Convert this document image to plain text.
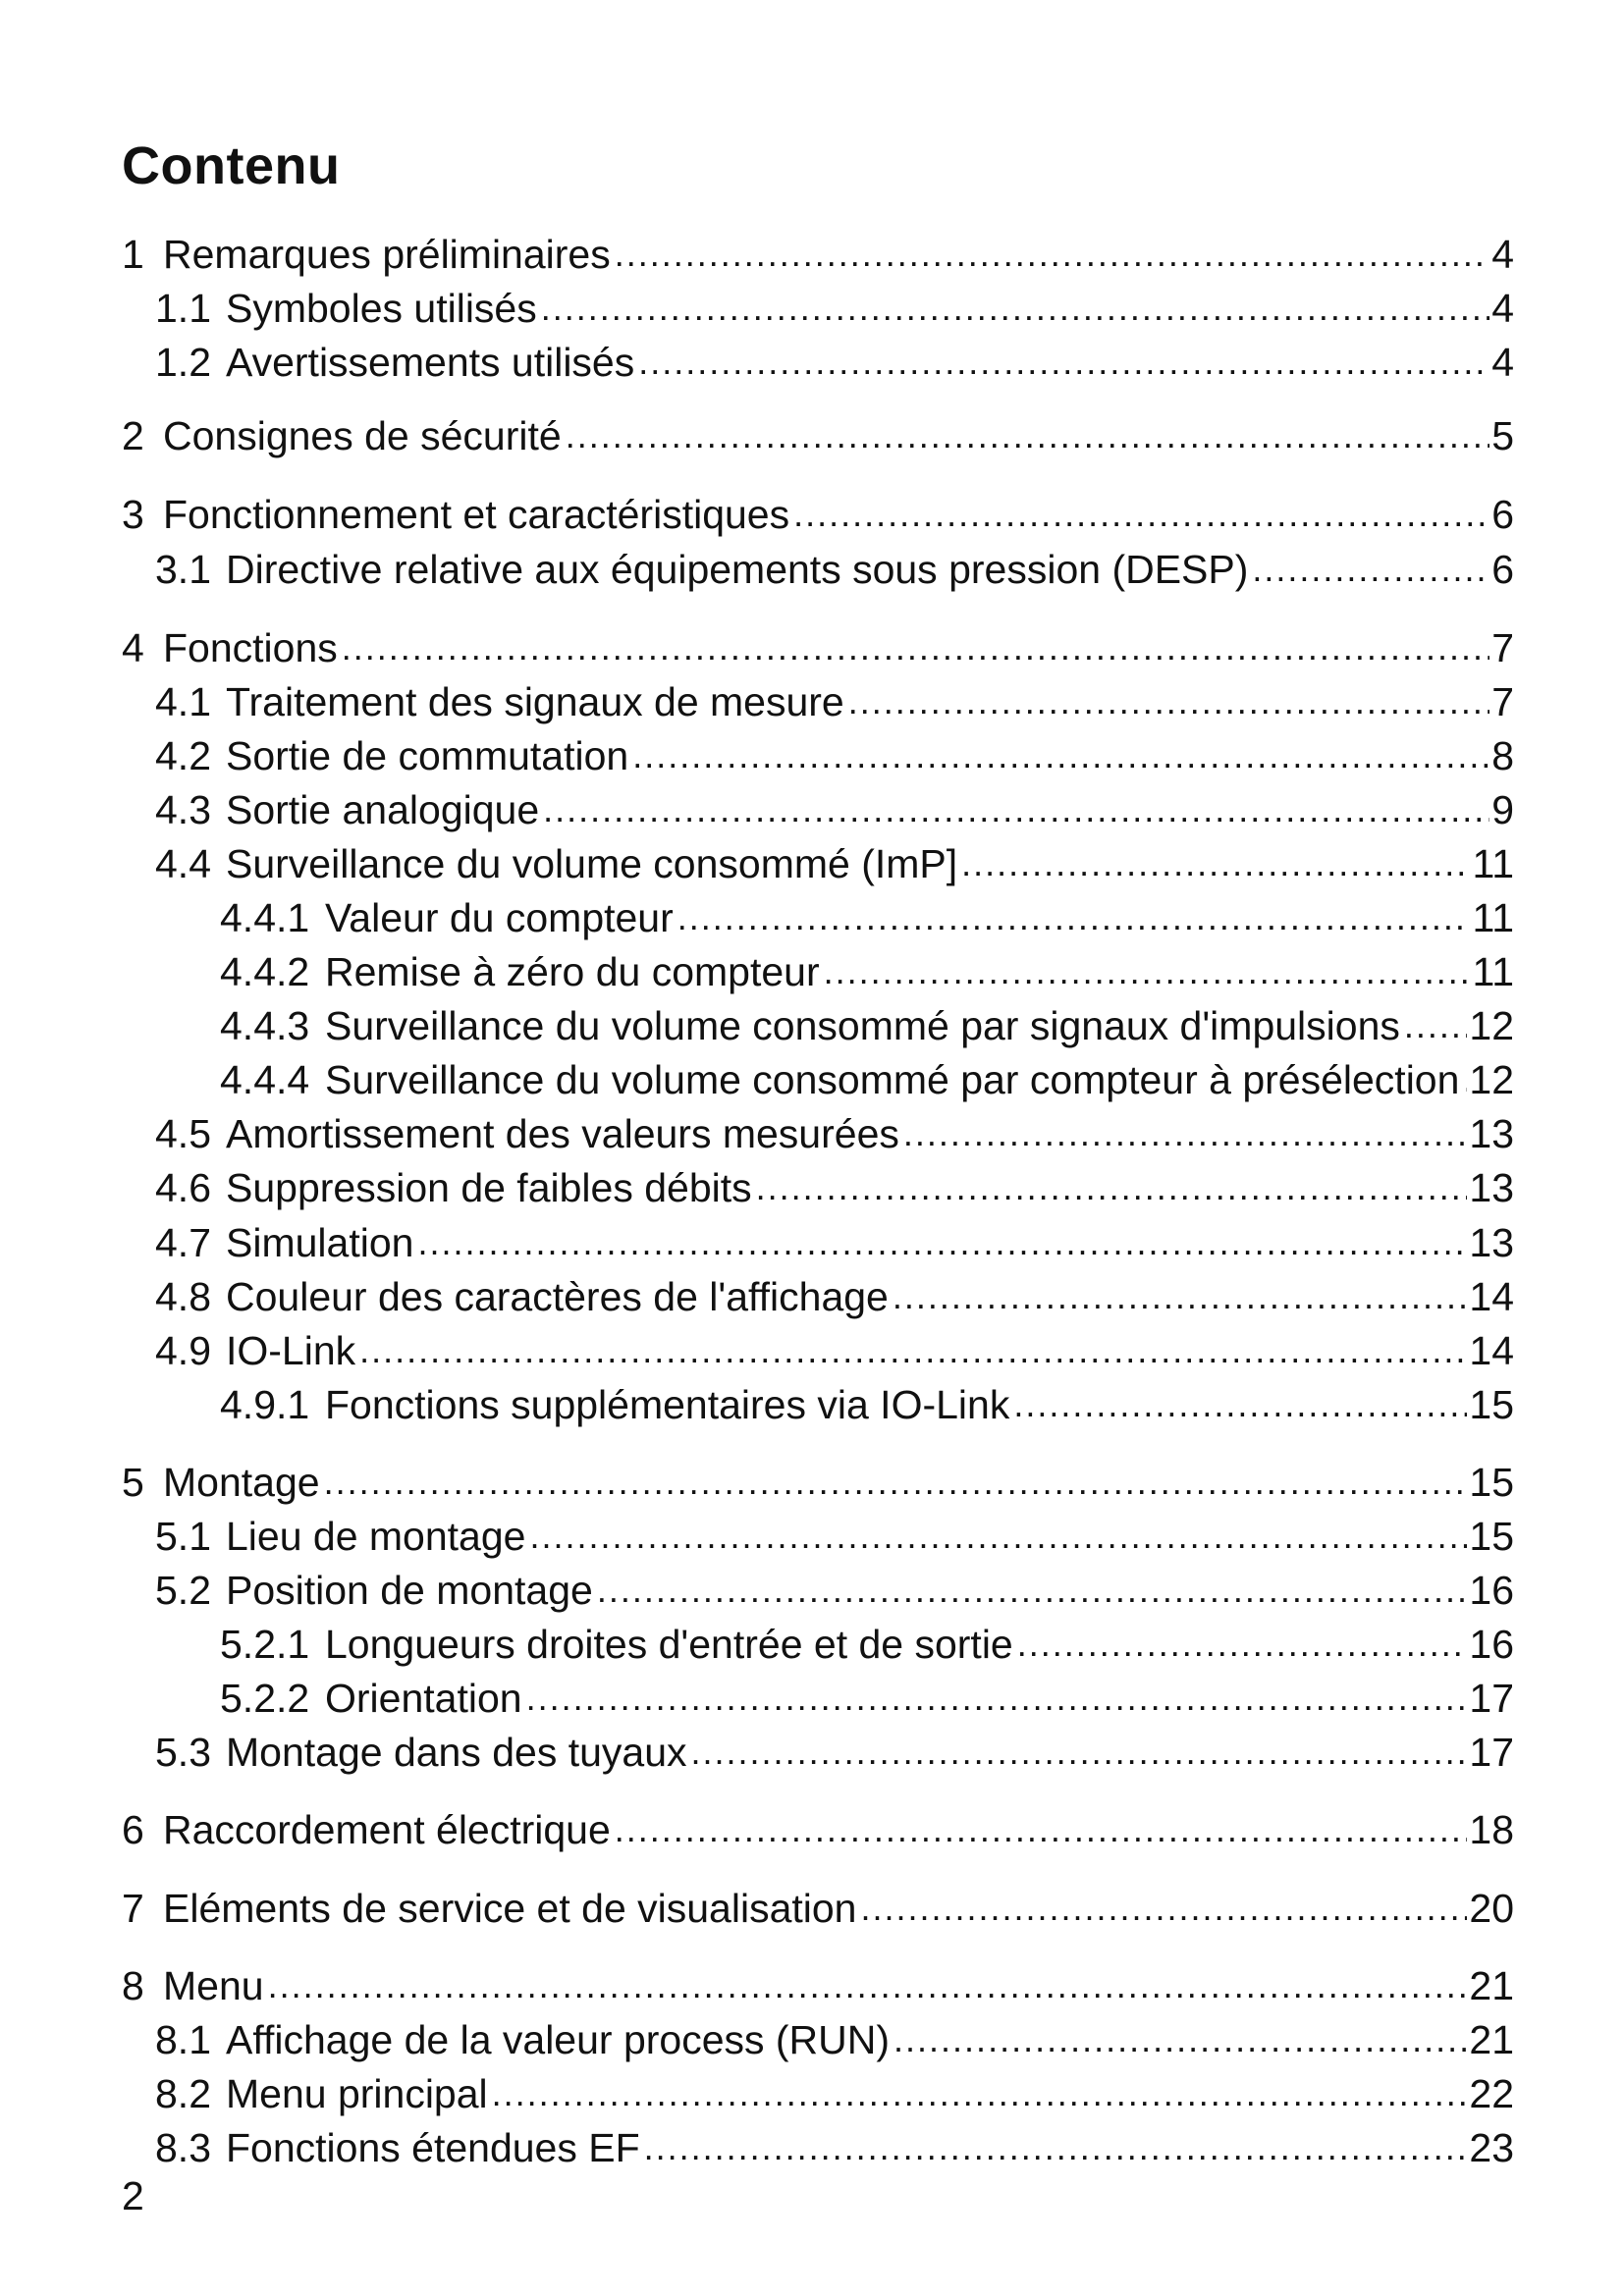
Contenu
1 Remarques préliminaires .....	4
1.1 Symboles utilisés .....	4
1.2 Avertissements utilisés .....	4
2 Consignes de sécurité .....	5
3 Fonctionnement et caractéristiques .....	6
3.1 Directive relative aux équipements sous pression (DESP) .....	6
4 Fonctions .....	7
4.1 Traitement des signaux de mesure .....	7
4.2 Sortie de commutation .....	8
4.3 Sortie analogique .....	9
4.4 Surveillance du volume consommé (ImP] .....	11
4.4.1 Valeur du compteur .....	11
4.4.2 Remise à zéro du compteur .....	11
4.4.3 Surveillance du volume consommé par signaux d'impulsions ..... 12
4.4.4 Surveillance du volume consommé par compteur à présélection ..... 12
4.5 Amortissement des valeurs mesurées .....	13
4.6 Suppression de faibles débits .....	13
4.7 Simulation .....	13
4.8 Couleur des caractères de l'affichage .....	14
4.9 IO-Link .....	14
4.9.1 Fonctions supplémentaires via IO-Link .....	15
5 Montage .....	15
5.1 Lieu de montage .....	15
5.2 Position de montage .....	16
5.2.1 Longueurs droites d'entrée et de sortie .....	16
5.2.2 Orientation .....	17
5.3 Montage dans des tuyaux .....	17
6 Raccordement électrique .....	18
7 Eléments de service et de visualisation .....	20
8 Menu .....	21
8.1 Affichage de la valeur process (RUN) .....	21
8.2 Menu principal .....	22
8.3 Fonctions étendues EF .....	23
2
